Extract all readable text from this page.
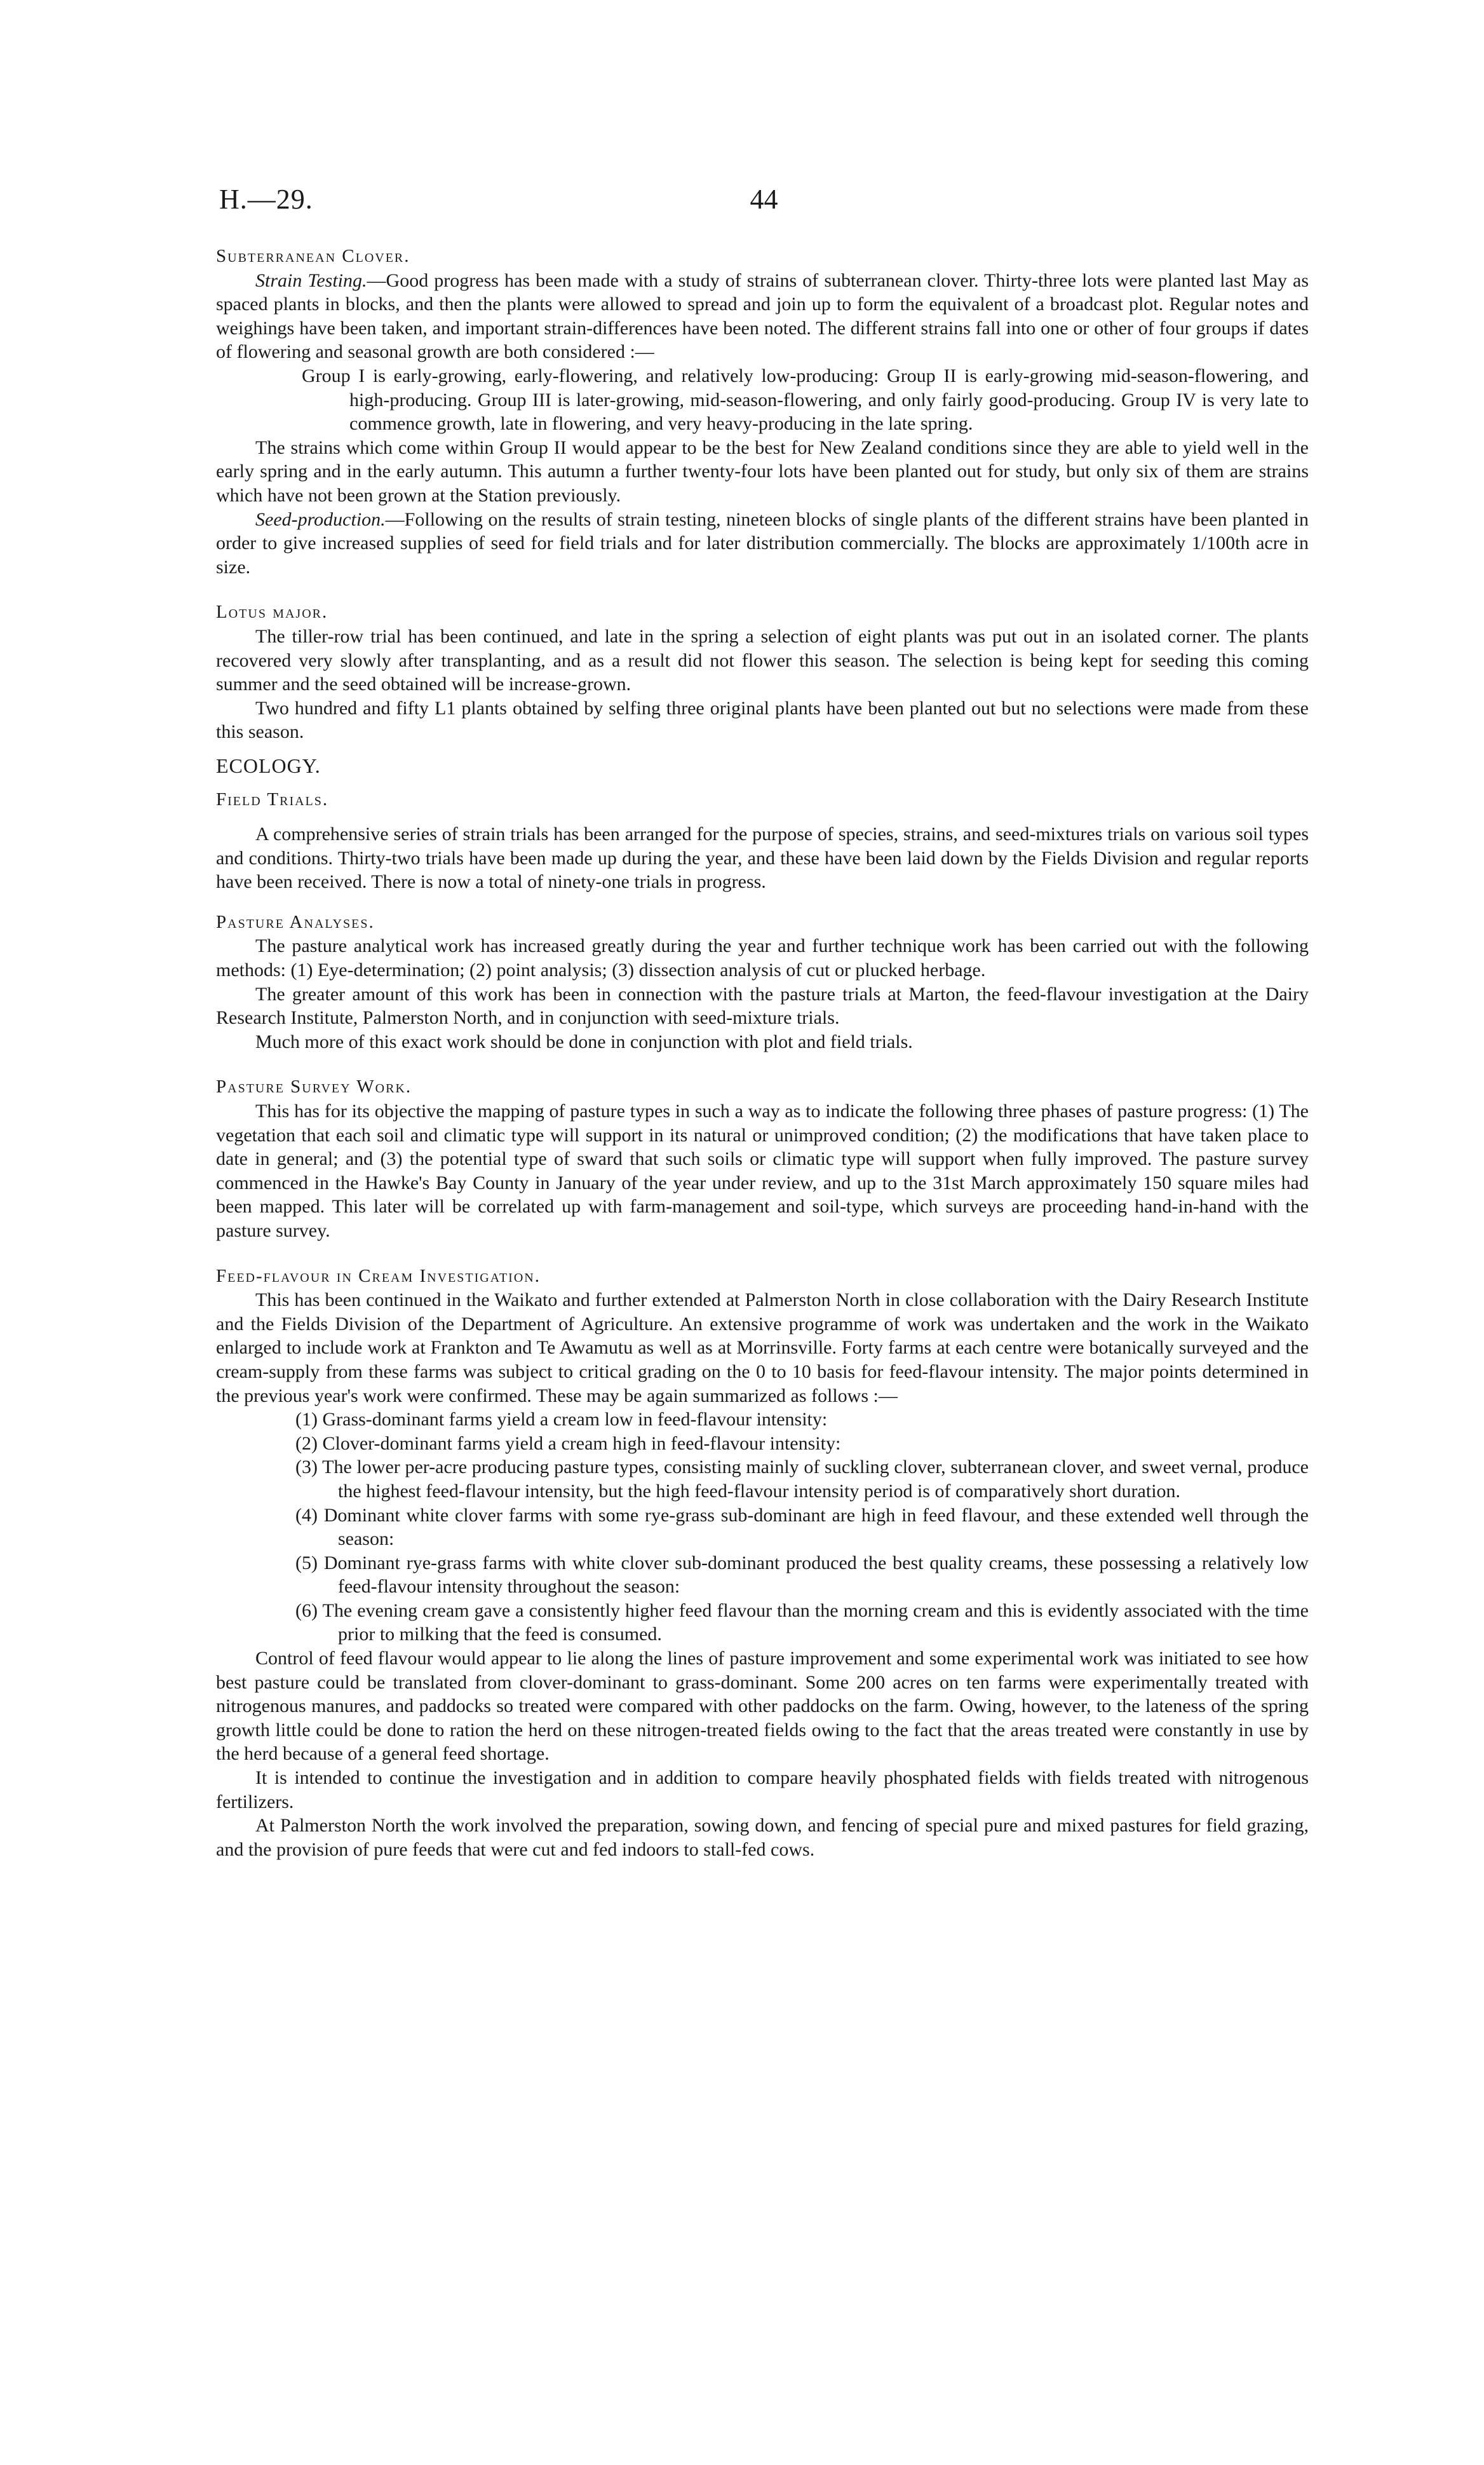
H.—29.	44

Subterranean Clover.

Strain Testing.—Good progress has been made with a study of strains of subterranean clover. Thirty-three lots were planted last May as spaced plants in blocks, and then the plants were allowed to spread and join up to form the equivalent of a broadcast plot. Regular notes and weighings have been taken, and important strain-differences have been noted. The different strains fall into one or other of four groups if dates of flowering and seasonal growth are both considered :—

Group I is early-growing, early-flowering, and relatively low-producing: Group II is early-growing mid-season-flowering, and high-producing. Group III is later-growing, mid-season-flowering, and only fairly good-producing. Group IV is very late to commence growth, late in flowering, and very heavy-producing in the late spring.

The strains which come within Group II would appear to be the best for New Zealand conditions since they are able to yield well in the early spring and in the early autumn. This autumn a further twenty-four lots have been planted out for study, but only six of them are strains which have not been grown at the Station previously.

Seed-production.—Following on the results of strain testing, nineteen blocks of single plants of the different strains have been planted in order to give increased supplies of seed for field trials and for later distribution commercially. The blocks are approximately 1/100th acre in size.

Lotus major.

The tiller-row trial has been continued, and late in the spring a selection of eight plants was put out in an isolated corner. The plants recovered very slowly after transplanting, and as a result did not flower this season. The selection is being kept for seeding this coming summer and the seed obtained will be increase-grown.

Two hundred and fifty L1 plants obtained by selfing three original plants have been planted out but no selections were made from these this season.

ECOLOGY.

Field Trials.

A comprehensive series of strain trials has been arranged for the purpose of species, strains, and seed-mixtures trials on various soil types and conditions. Thirty-two trials have been made up during the year, and these have been laid down by the Fields Division and regular reports have been received. There is now a total of ninety-one trials in progress.

Pasture Analyses.

The pasture analytical work has increased greatly during the year and further technique work has been carried out with the following methods: (1) Eye-determination; (2) point analysis; (3) dissection analysis of cut or plucked herbage.

The greater amount of this work has been in connection with the pasture trials at Marton, the feed-flavour investigation at the Dairy Research Institute, Palmerston North, and in conjunction with seed-mixture trials.

Much more of this exact work should be done in conjunction with plot and field trials.

Pasture Survey Work.

This has for its objective the mapping of pasture types in such a way as to indicate the following three phases of pasture progress: (1) The vegetation that each soil and climatic type will support in its natural or unimproved condition; (2) the modifications that have taken place to date in general; and (3) the potential type of sward that such soils or climatic type will support when fully improved. The pasture survey commenced in the Hawke's Bay County in January of the year under review, and up to the 31st March approximately 150 square miles had been mapped. This later will be correlated up with farm-management and soil-type, which surveys are proceeding hand-in-hand with the pasture survey.

Feed-flavour in Cream Investigation.

This has been continued in the Waikato and further extended at Palmerston North in close collaboration with the Dairy Research Institute and the Fields Division of the Department of Agriculture. An extensive programme of work was undertaken and the work in the Waikato enlarged to include work at Frankton and Te Awamutu as well as at Morrinsville. Forty farms at each centre were botanically surveyed and the cream-supply from these farms was subject to critical grading on the 0 to 10 basis for feed-flavour intensity. The major points determined in the previous year's work were confirmed. These may be again summarized as follows :—

(1) Grass-dominant farms yield a cream low in feed-flavour intensity:
(2) Clover-dominant farms yield a cream high in feed-flavour intensity:
(3) The lower per-acre producing pasture types, consisting mainly of suckling clover, subterranean clover, and sweet vernal, produce the highest feed-flavour intensity, but the high feed-flavour intensity period is of comparatively short duration.
(4) Dominant white clover farms with some rye-grass sub-dominant are high in feed flavour, and these extended well through the season:
(5) Dominant rye-grass farms with white clover sub-dominant produced the best quality creams, these possessing a relatively low feed-flavour intensity throughout the season:
(6) The evening cream gave a consistently higher feed flavour than the morning cream and this is evidently associated with the time prior to milking that the feed is consumed.

Control of feed flavour would appear to lie along the lines of pasture improvement and some experimental work was initiated to see how best pasture could be translated from clover-dominant to grass-dominant. Some 200 acres on ten farms were experimentally treated with nitrogenous manures, and paddocks so treated were compared with other paddocks on the farm. Owing, however, to the lateness of the spring growth little could be done to ration the herd on these nitrogen-treated fields owing to the fact that the areas treated were constantly in use by the herd because of a general feed shortage.

It is intended to continue the investigation and in addition to compare heavily phosphated fields with fields treated with nitrogenous fertilizers.

At Palmerston North the work involved the preparation, sowing down, and fencing of special pure and mixed pastures for field grazing, and the provision of pure feeds that were cut and fed indoors to stall-fed cows.
